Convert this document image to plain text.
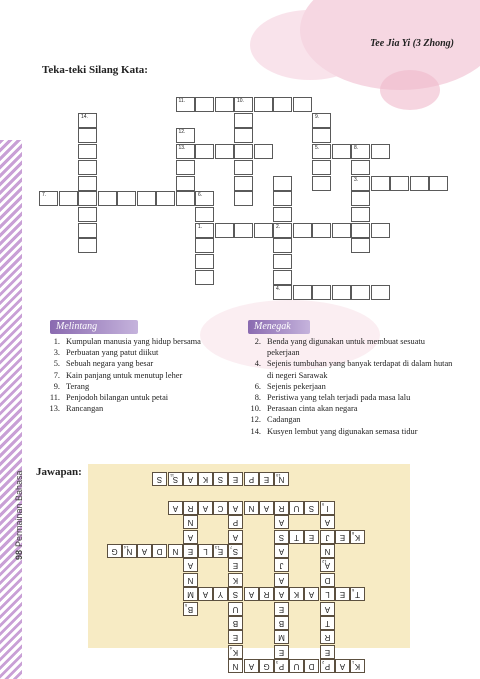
98Permainan Bahasa
Tee Jia Yi (3 Zhong)
Teka-teki Silang Kata:
11.	10.
14.	9.
5.
12.
13.	8.
3.
2.
7.	6.
1.
4.
Melintang
1. Kumpulan manusia yang hidup bersama
3. Perbuatan yang patut diikut
5. Sebuah negara yang besar
7. Kain panjang untuk menutup leher
9. Terang
11. Penjodoh bilangan untuk petai
13. Rancangan
Menegak
2. Benda yang digunakan untuk membuat sesuatu pekerjaan
4. Sejenis tumbuhan yang banyak terdapat di dalam hutan di negeri Sarawak
6. Sejenis pekerjaan
8. Peristiwa yang telah terjadi pada masa lalu
10. Perasaan cinta akan negara
12. Cadangan
14. Kusyen lembut yang digunakan semasa tidur
Jawapan:
K
1
A
P
2
D
U
P
3
G
A
N
E
R
T
A
L
D
A
12
N
J
A
I
9
E
M
B
E
A
A
J
A
S
A
R
K
4
E
B
U
S
K
E
S
7
A
P
A
B
5
M
N
A
E
A
N
R
T
6
E
A
K
R
A
Y
A
E
13
L
N
D
A
N
14
G
K
8
E
E
T
S
U
A
N
C
A
A
N
10
E
P
E
S
K
A
S
11
S
